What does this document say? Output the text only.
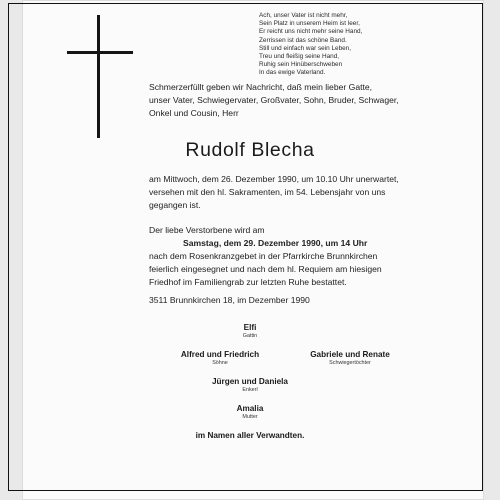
Ach, unser Vater ist nicht mehr,
Sein Platz in unserem Heim ist leer,
Er reicht uns nicht mehr seine Hand,
Zerrissen ist das schöne Band.
Still und einfach war sein Leben,
Treu und fleißig seine Hand,
Ruhig sein Hinüberschweben
In das ewige Vaterland.
Schmerzerfüllt geben wir Nachricht, daß mein lieber Gatte,
unser Vater, Schwiegervater, Großvater, Sohn, Bruder, Schwager,
Onkel und Cousin, Herr
Rudolf Blecha
am Mittwoch, dem 26. Dezember 1990, um 10.10 Uhr unerwartet,
versehen mit den hl. Sakramenten, im 54. Lebensjahr von uns
gegangen ist.
Der liebe Verstorbene wird am
Samstag, dem 29. Dezember 1990, um 14 Uhr
nach dem Rosenkranzgebet in der Pfarrkirche Brunnkirchen
feierlich eingesegnet und nach dem hl. Requiem am hiesigen
Friedhof im Familiengrab zur letzten Ruhe bestattet.
3511 Brunnkirchen 18, im Dezember 1990
Elfi
Gattin
Alfred und Friedrich
Söhne
Gabriele und Renate
Schwiegertöchter
Jürgen und Daniela
Enkerl
Amalia
Mutter
im Namen aller Verwandten.
